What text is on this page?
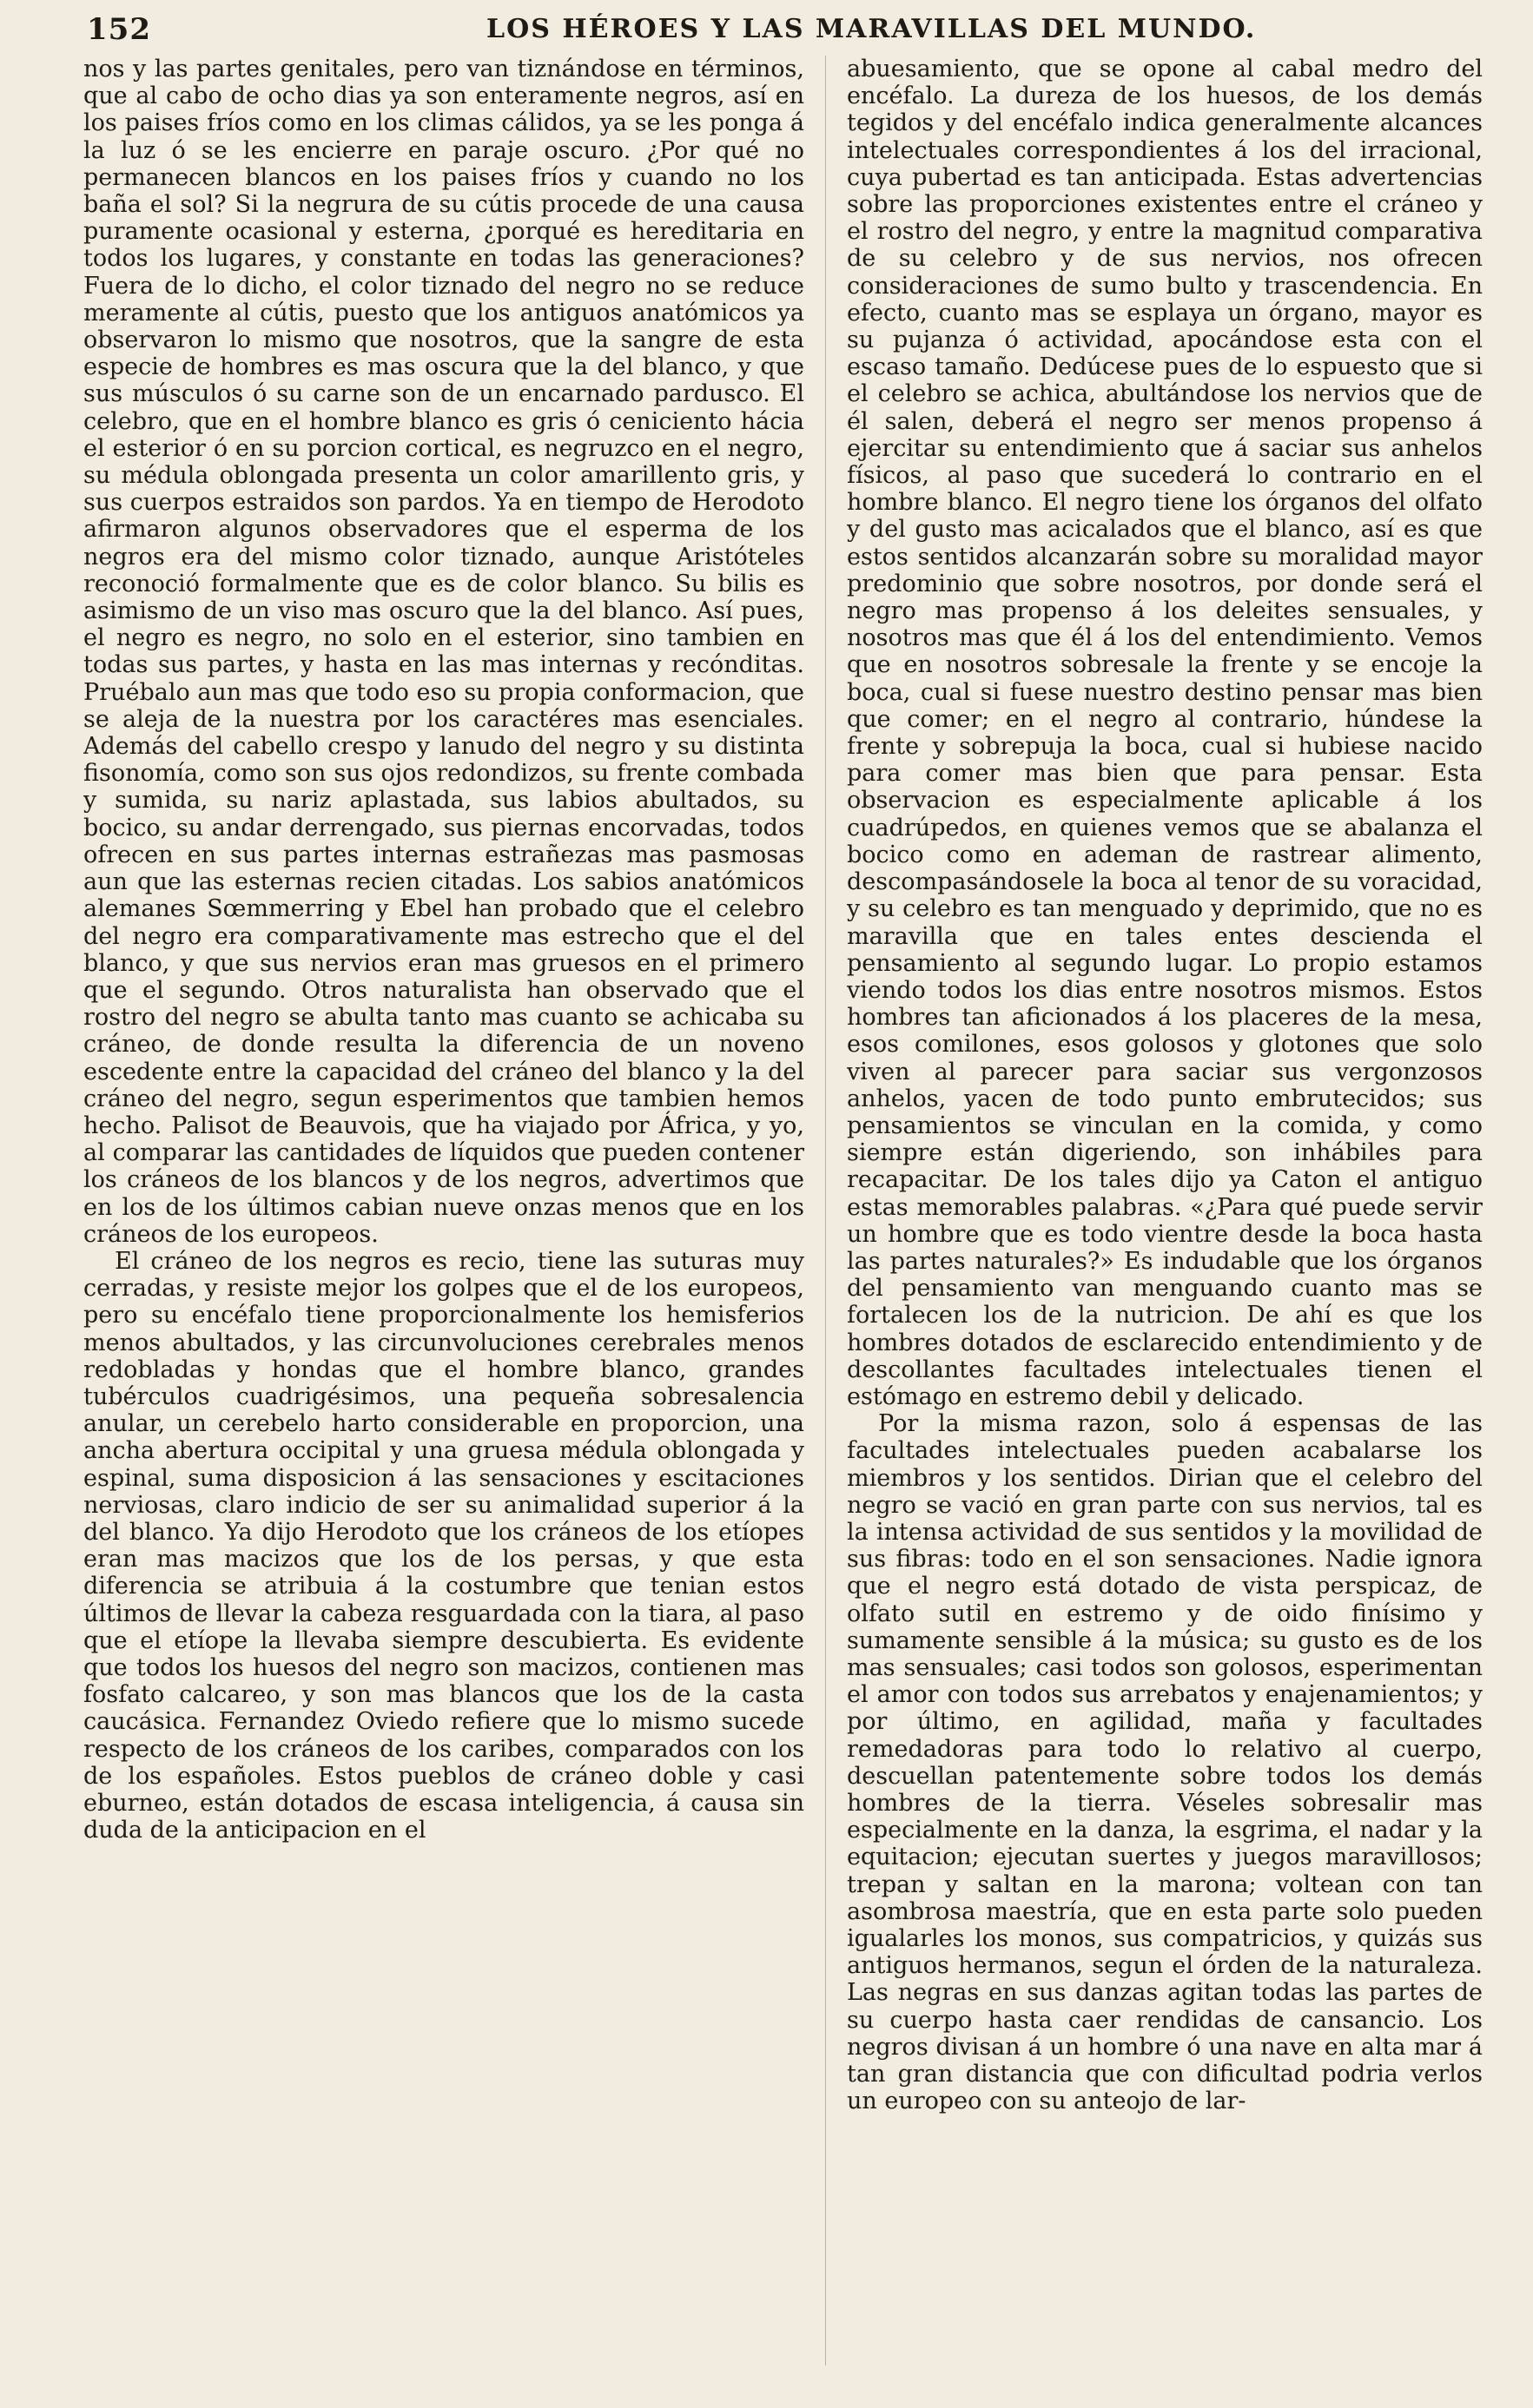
152	LOS HÉROES Y LAS MARAVILLAS DEL MUNDO.

nos y las partes genitales, pero van tiznándose en términos, que al cabo de ocho dias ya son enteramente negros, así en los paises fríos como en los climas cálidos, ya se les ponga á la luz ó se les encierre en paraje oscuro. ¿Por qué no permanecen blancos en los paises fríos y cuando no los baña el sol? Si la negrura de su cútis procede de una causa puramente ocasional y esterna, ¿porqué es hereditaria en todos los lugares, y constante en todas las generaciones? Fuera de lo dicho, el color tiznado del negro no se reduce meramente al cútis, puesto que los antiguos anatómicos ya observaron lo mismo que nosotros, que la sangre de esta especie de hombres es mas oscura que la del blanco, y que sus músculos ó su carne son de un encarnado pardusco. El celebro, que en el hombre blanco es gris ó ceniciento hácia el esterior ó en su porcion cortical, es negruzco en el negro, su médula oblongada presenta un color amarillento gris, y sus cuerpos estraidos son pardos. Ya en tiempo de Herodoto afirmaron algunos observadores que el esperma de los negros era del mismo color tiznado, aunque Aristóteles reconoció formalmente que es de color blanco. Su bilis es asimismo de un viso mas oscuro que la del blanco. Así pues, el negro es negro, no solo en el esterior, sino tambien en todas sus partes, y hasta en las mas internas y recónditas. Pruébalo aun mas que todo eso su propia conformacion, que se aleja de la nuestra por los caractéres mas esenciales. Además del cabello crespo y lanudo del negro y su distinta fisonomía, como son sus ojos redondizos, su frente combada y sumida, su nariz aplastada, sus labios abultados, su bocico, su andar derrengado, sus piernas encorvadas, todos ofrecen en sus partes internas estrañezas mas pasmosas aun que las esternas recien citadas. Los sabios anatómicos alemanes Sœmmerring y Ebel han probado que el celebro del negro era comparativamente mas estrecho que el del blanco, y que sus nervios eran mas gruesos en el primero que el segundo. Otros naturalista han observado que el rostro del negro se abulta tanto mas cuanto se achicaba su cráneo, de donde resulta la diferencia de un noveno escedente entre la capacidad del cráneo del blanco y la del cráneo del negro, segun esperimentos que tambien hemos hecho. Palisot de Beauvois, que ha viajado por África, y yo, al comparar las cantidades de líquidos que pueden contener los cráneos de los blancos y de los negros, advertimos que en los de los últimos cabian nueve onzas menos que en los cráneos de los europeos.

El cráneo de los negros es recio, tiene las suturas muy cerradas, y resiste mejor los golpes que el de los europeos, pero su encéfalo tiene proporcionalmente los hemisferios menos abultados, y las circunvoluciones cerebrales menos redobladas y hondas que el hombre blanco, grandes tubérculos cuadrigésimos, una pequeña sobresalencia anular, un cerebelo harto considerable en proporcion, una ancha abertura occipital y una gruesa médula oblongada y espinal, suma disposicion á las sensaciones y escitaciones nerviosas, claro indicio de ser su animalidad superior á la del blanco. Ya dijo Herodoto que los cráneos de los etíopes eran mas macizos que los de los persas, y que esta diferencia se atribuia á la costumbre que tenian estos últimos de llevar la cabeza resguardada con la tiara, al paso que el etíope la llevaba siempre descubierta. Es evidente que todos los huesos del negro son macizos, contienen mas fosfato calcareo, y son mas blancos que los de la casta caucásica. Fernandez Oviedo refiere que lo mismo sucede respecto de los cráneos de los caribes, comparados con los de los españoles. Estos pueblos de cráneo doble y casi eburneo, están dotados de escasa inteligencia, á causa sin duda de la anticipacion en el

abuesamiento, que se opone al cabal medro del encéfalo. La dureza de los huesos, de los demás tegidos y del encéfalo indica generalmente alcances intelectuales correspondientes á los del irracional, cuya pubertad es tan anticipada. Estas advertencias sobre las proporciones existentes entre el cráneo y el rostro del negro, y entre la magnitud comparativa de su celebro y de sus nervios, nos ofrecen consideraciones de sumo bulto y trascendencia. En efecto, cuanto mas se esplaya un órgano, mayor es su pujanza ó actividad, apocándose esta con el escaso tamaño. Dedúcese pues de lo espuesto que si el celebro se achica, abultándose los nervios que de él salen, deberá el negro ser menos propenso á ejercitar su entendimiento que á saciar sus anhelos físicos, al paso que sucederá lo contrario en el hombre blanco. El negro tiene los órganos del olfato y del gusto mas acicalados que el blanco, así es que estos sentidos alcanzarán sobre su moralidad mayor predominio que sobre nosotros, por donde será el negro mas propenso á los deleites sensuales, y nosotros mas que él á los del entendimiento. Vemos que en nosotros sobresale la frente y se encoje la boca, cual si fuese nuestro destino pensar mas bien que comer; en el negro al contrario, húndese la frente y sobrepuja la boca, cual si hubiese nacido para comer mas bien que para pensar. Esta observacion es especialmente aplicable á los cuadrúpedos, en quienes vemos que se abalanza el bocico como en ademan de rastrear alimento, descompasándosele la boca al tenor de su voracidad, y su celebro es tan menguado y deprimido, que no es maravilla que en tales entes descienda el pensamiento al segundo lugar. Lo propio estamos viendo todos los dias entre nosotros mismos. Estos hombres tan aficionados á los placeres de la mesa, esos comilones, esos golosos y glotones que solo viven al parecer para saciar sus vergonzosos anhelos, yacen de todo punto embrutecidos; sus pensamientos se vinculan en la comida, y como siempre están digeriendo, son inhábiles para recapacitar. De los tales dijo ya Caton el antiguo estas memorables palabras. «¿Para qué puede servir un hombre que es todo vientre desde la boca hasta las partes naturales?» Es indudable que los órganos del pensamiento van menguando cuanto mas se fortalecen los de la nutricion. De ahí es que los hombres dotados de esclarecido entendimiento y de descollantes facultades intelectuales tienen el estómago en estremo debil y delicado.

Por la misma razon, solo á espensas de las facultades intelectuales pueden acabalarse los miembros y los sentidos. Dirian que el celebro del negro se vació en gran parte con sus nervios, tal es la intensa actividad de sus sentidos y la movilidad de sus fibras: todo en el son sensaciones. Nadie ignora que el negro está dotado de vista perspicaz, de olfato sutil en estremo y de oido finísimo y sumamente sensible á la música; su gusto es de los mas sensuales; casi todos son golosos, esperimentan el amor con todos sus arrebatos y enajenamientos; y por último, en agilidad, maña y facultades remedadoras para todo lo relativo al cuerpo, descuellan patentemente sobre todos los demás hombres de la tierra. Véseles sobresalir mas especialmente en la danza, la esgrima, el nadar y la equitacion; ejecutan suertes y juegos maravillosos; trepan y saltan en la marona; voltean con tan asombrosa maestría, que en esta parte solo pueden igualarles los monos, sus compatricios, y quizás sus antiguos hermanos, segun el órden de la naturaleza. Las negras en sus danzas agitan todas las partes de su cuerpo hasta caer rendidas de cansancio. Los negros divisan á un hombre ó una nave en alta mar á tan gran distancia que con dificultad podria verlos un europeo con su anteojo de lar-
